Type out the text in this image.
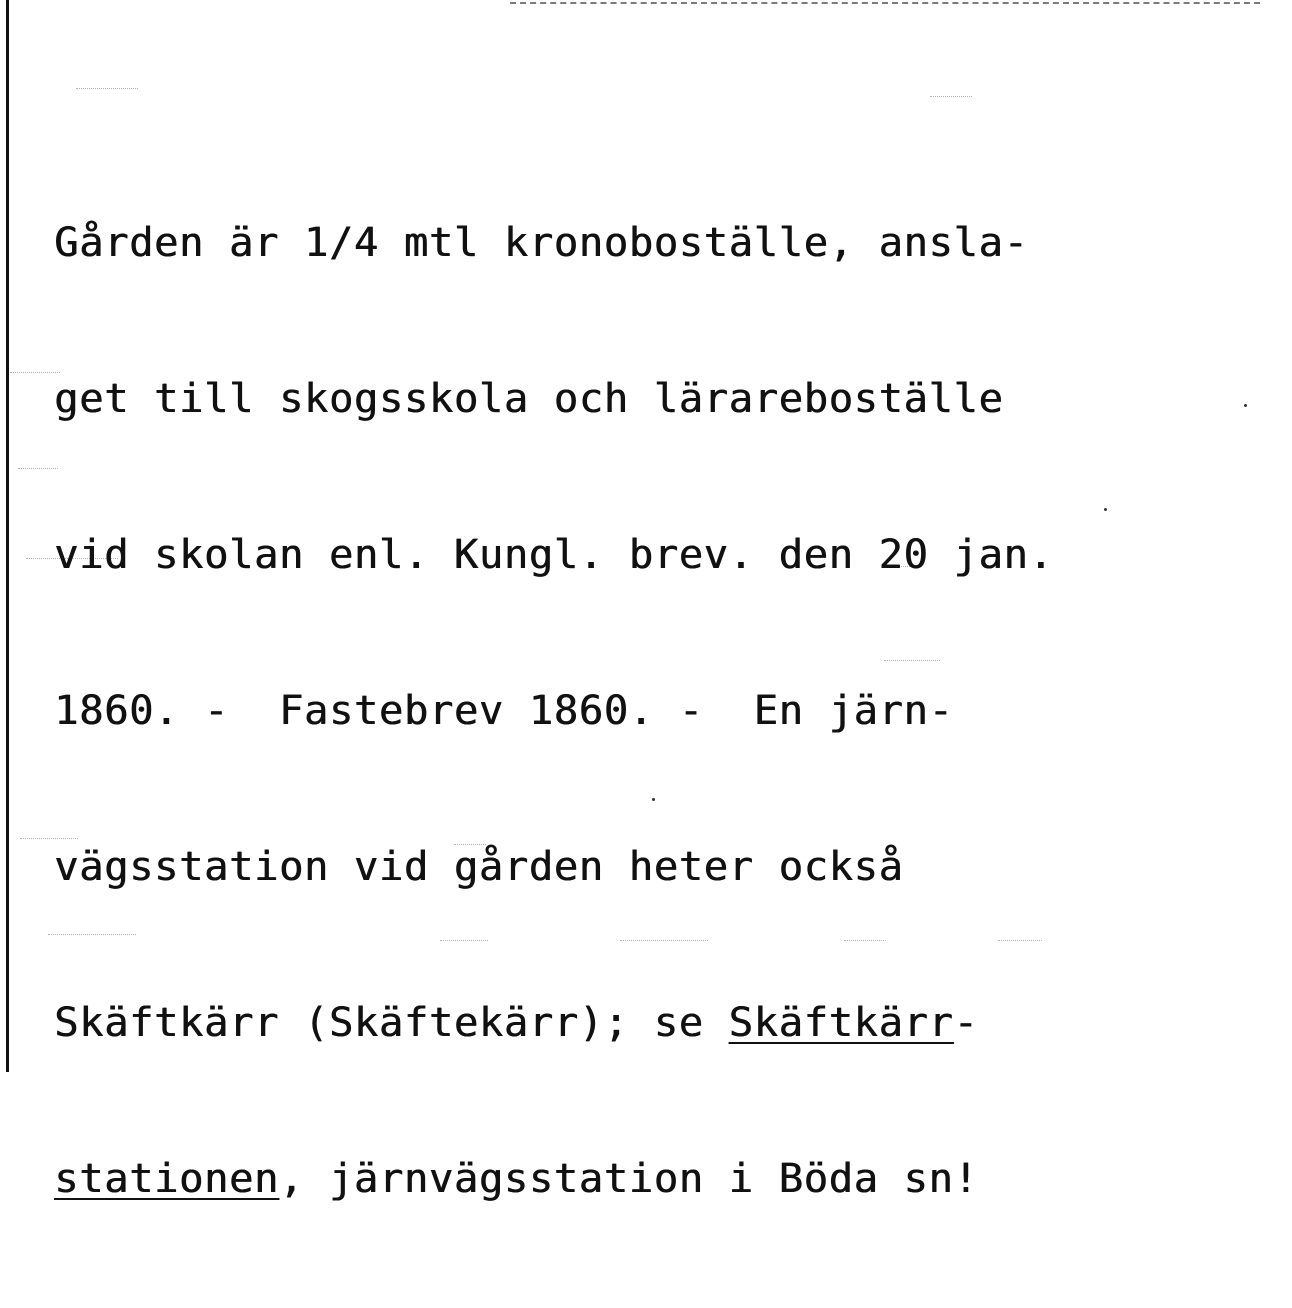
Gården är 1/4 mtl kronoboställe, ansla-

get till skogsskola och lärareboställe

vid skolan enl. Kungl. brev. den 20 jan.

1860. -  Fastebrev 1860. -  En järn-

vägsstation vid gården heter också

Skäftkärr (Skäftekärr); se Skäftkärr-

stationen, järnvägsstation i Böda sn!
